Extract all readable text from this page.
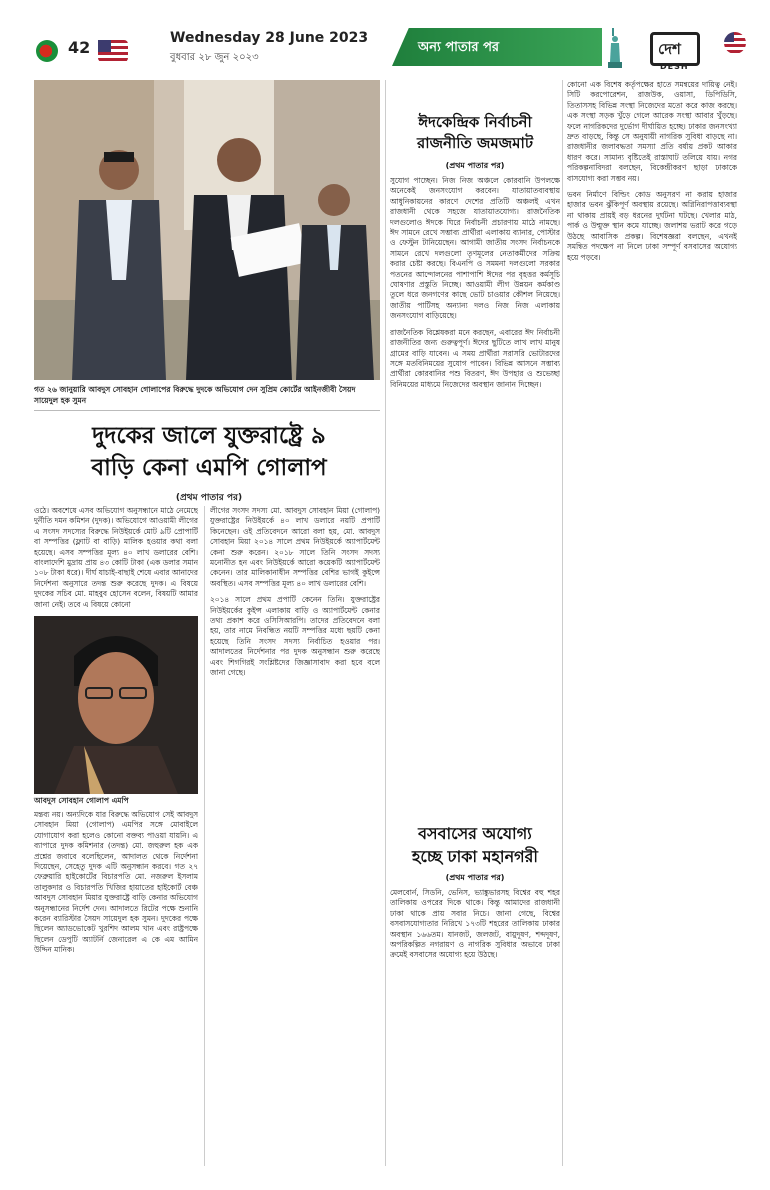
42	Wednesday 28 June 2023
বুধবার ২৮ জুন ২০২৩
অন্য পাতার পর	দেশ
DESH
গত ২৬ জানুয়ারি আবদুস সোবহান গোলাপের বিরুদ্ধে দুদকে অভিযোগ দেন সুপ্রিম কোর্টের আইনজীবী সৈয়দ সায়েদুল হক সুমন
দুদকের জালে যুক্তরাষ্ট্রে ৯
বাড়ি কেনা এমপি গোলাপ
(প্রথম পাতার পর)
ওঠে। অবশেষে এসব অভিযোগ অনুসন্ধানে মাঠে নেমেছে দুর্নীতি দমন কমিশন (দুদক)। অভিযোগে আওয়ামী লীগের এ সংসদ সদস্যের বিরুদ্ধে নিউইয়র্কে মোট ৯টি প্রোপার্টি বা সম্পত্তির (ফ্ল্যাট বা বাড়ি) মালিক হওয়ার কথা বলা হয়েছে। এসব সম্পত্তির মূল্য ৪০ লাখ ডলারের বেশি। বাংলাদেশি মুদ্রায় প্রায় ৪৩ কোটি টাকা (এক ডলার সমান ১০৮ টাকা ধরে)। দীর্ঘ যাচাই-বাছাই শেষে এবার আনাদের নির্দেশনা অনুসারে তদন্ত শুরু করেছে দুদক। এ বিষয়ে দুদকের সচিব মো. মাহবুব হোসেন বলেন, বিষয়টি আমার জানা নেই। তবে এ বিষয়ে কোনো
লীগের সংসদ সদস্য মো. আবদুস সোবহান মিয়া (গোলাপ) যুক্তরাষ্ট্রের নিউইয়র্কে ৪০ লাখ ডলারে নয়টি প্রপার্টি কিনেছেন। ওই প্রতিবেদনে আরো বলা হয়, মো. আবদুস সোবহান মিয়া ২০১৪ সালে প্রথম নিউইয়র্কে অ্যাপার্টমেন্ট কেনা শুরু করেন। ২০১৮ সালে তিনি সংসদ সদস্য মনোনীত হন এবং নিউইয়র্কে আরো কয়েকটি অ্যাপার্টমেন্ট কেনেন। তার মালিকানাধীন সম্পত্তির বেশির ভাগই কুইন্সে অবস্থিত। এসব সম্পত্তির মূল্য ৪০ লাখ ডলারের বেশি।
২০১৪ সালে প্রথম প্রপার্টি কেনেন তিনি। যুক্তরাষ্ট্রের নিউইয়র্কের কুইন্স এলাকায় বাড়ি ও অ্যাপার্টমেন্ট কেনার তথ্য প্রকাশ করে ওসিসিআরপি। তাদের প্রতিবেদনে বলা হয়, তার নামে নিবন্ধিত নয়টি সম্পত্তির মধ্যে ছয়টি কেনা হয়েছে তিনি সংসদ সদস্য নির্বাচিত হওয়ার পর। আদালতের নির্দেশনার পর দুদক অনুসন্ধান শুরু করেছে এবং শিগগিরই সংশ্লিষ্টদের জিজ্ঞাসাবাদ করা হবে বলে জানা গেছে।
আবদুস সোবহান গোলাপ এমপি
মন্তব্য নয়। অন্যদিকে যার বিরুদ্ধে অভিযোগ সেই আবদুস সোবহান মিয়া (গোলাপ) এমপির সঙ্গে মোবাইলে যোগাযোগ করা হলেও কোনো বক্তব্য পাওয়া যায়নি। এ ব্যাপারে দুদক কমিশনার (তদন্ত) মো. জহুরুল হক এক প্রশ্নের জবাবে বলেছিলেন, আদালত থেকে নির্দেশনা দিয়েছেন, সেহেতু দুদক এটি অনুসন্ধান করবে। গত ২৭ ফেব্রুয়ারি হাইকোর্টের বিচারপতি মো. নজরুল ইসলাম তালুকদার ও বিচারপতি খিজির হায়াতের হাইকোর্ট বেঞ্চ আবদুস সোবহান মিয়ার যুক্তরাষ্ট্রে বাড়ি কেনার অভিযোগ অনুসন্ধানের নির্দেশ দেন। আদালতে রিটের পক্ষে শুনানি করেন ব্যারিস্টার সৈয়দ সায়েদুল হক সুমন। দুদকের পক্ষে ছিলেন অ্যাডভোকেট খুরশিদ আলম খান এবং রাষ্ট্রপক্ষে ছিলেন ডেপুটি অ্যাটর্নি জেনারেল এ কে এম আমিন উদ্দিন মানিক।
ঈদকেন্দ্রিক নির্বাচনী
রাজনীতি জমজমাট
(প্রথম পাতার পর)
সুযোগ পাচ্ছেন। নিজ নিজ অঞ্চলে কোরবানি উপলক্ষে অনেকেই জনসংযোগ করবেন। যাতায়াতব্যবস্থায় আধুনিকায়নের কারণে দেশের প্রতিটি অঞ্চলই এখন রাজধানী থেকে সহজে যাতায়াতযোগ্য। রাজনৈতিক দলগুলোও ঈদকে ঘিরে নির্বাচনী প্রচারণায় মাঠে নামছে। ঈদ সামনে রেখে সম্ভাব্য প্রার্থীরা এলাকায় ব্যানার, পোস্টার ও ফেস্টুন টানিয়েছেন। আগামী জাতীয় সংসদ নির্বাচনকে সামনে রেখে দলগুলো তৃণমূলের নেতাকর্মীদের সক্রিয় করার চেষ্টা করছে। বিএনপি ও সমমনা দলগুলো সরকার পতনের আন্দোলনের পাশাপাশি ঈদের পর বৃহত্তর কর্মসূচি ঘোষণার প্রস্তুতি নিচ্ছে। আওয়ামী লীগ উন্নয়ন কর্মকাণ্ড তুলে ধরে জনগণের কাছে ভোট চাওয়ার কৌশল নিয়েছে। জাতীয় পার্টিসহ অন্যান্য দলও নিজ নিজ এলাকায় জনসংযোগ বাড়িয়েছে।
রাজনৈতিক বিশ্লেষকরা মনে করছেন, এবারের ঈদ নির্বাচনী রাজনীতির জন্য গুরুত্বপূর্ণ। ঈদের ছুটিতে লাখ লাখ মানুষ গ্রামের বাড়ি যাবেন। এ সময় প্রার্থীরা সরাসরি ভোটারদের সঙ্গে মতবিনিময়ের সুযোগ পাবেন। বিভিন্ন আসনে সম্ভাব্য প্রার্থীরা কোরবানির পশু বিতরণ, ঈদ উপহার ও শুভেচ্ছা বিনিময়ের মাধ্যমে নিজেদের অবস্থান জানান দিচ্ছেন।
বসবাসের অযোগ্য
হচ্ছে ঢাকা মহানগরী
(প্রথম পাতার পর)
মেলবোর্ন, সিডনি, ভেনিস, ভ্যাঙ্কুভারসহ বিশ্বের বহু শহর তালিকায় ওপরের দিকে থাকে। কিন্তু আমাদের রাজধানী ঢাকা থাকে প্রায় সবার নিচে। জানা গেছে, বিশ্বের বসবাসযোগ্যতার নিরিখে ১৭৩টি শহরের তালিকায় ঢাকার অবস্থান ১৬৬তম। যানজট, জলজট, বায়ুদূষণ, শব্দদূষণ, অপরিকল্পিত নগরায়ণ ও নাগরিক সুবিধার অভাবে ঢাকা ক্রমেই বসবাসের অযোগ্য হয়ে উঠছে।
কোনো এক বিশেষ কর্তৃপক্ষের হাতে সমন্বয়ের দায়িত্ব নেই। সিটি করপোরেশন, রাজউক, ওয়াসা, ডিপিডিসি, তিতাসসহ বিভিন্ন সংস্থা নিজেদের মতো করে কাজ করছে। এক সংস্থা সড়ক খুঁড়ে গেলে আরেক সংস্থা আবার খুঁড়ছে। ফলে নাগরিকদের দুর্ভোগ দীর্ঘায়িত হচ্ছে। ঢাকার জনসংখ্যা দ্রুত বাড়ছে, কিন্তু সে অনুযায়ী নাগরিক সুবিধা বাড়ছে না। রাজধানীর জলাবদ্ধতা সমস্যা প্রতি বর্ষায় প্রকট আকার ধারণ করে। সামান্য বৃষ্টিতেই রাস্তাঘাট তলিয়ে যায়। নগর পরিকল্পনাবিদরা বলছেন, বিকেন্দ্রীকরণ ছাড়া ঢাকাকে বাসযোগ্য করা সম্ভব নয়।
ভবন নির্মাণে বিল্ডিং কোড অনুসরণ না করায় হাজার হাজার ভবন ঝুঁকিপূর্ণ অবস্থায় রয়েছে। অগ্নিনিরাপত্তাব্যবস্থা না থাকায় প্রায়ই বড় ধরনের দুর্ঘটনা ঘটছে। খেলার মাঠ, পার্ক ও উন্মুক্ত স্থান কমে যাচ্ছে। জলাশয় ভরাট করে গড়ে উঠছে আবাসিক প্রকল্প। বিশেষজ্ঞরা বলছেন, এখনই সমন্বিত পদক্ষেপ না নিলে ঢাকা সম্পূর্ণ বসবাসের অযোগ্য হয়ে পড়বে।
